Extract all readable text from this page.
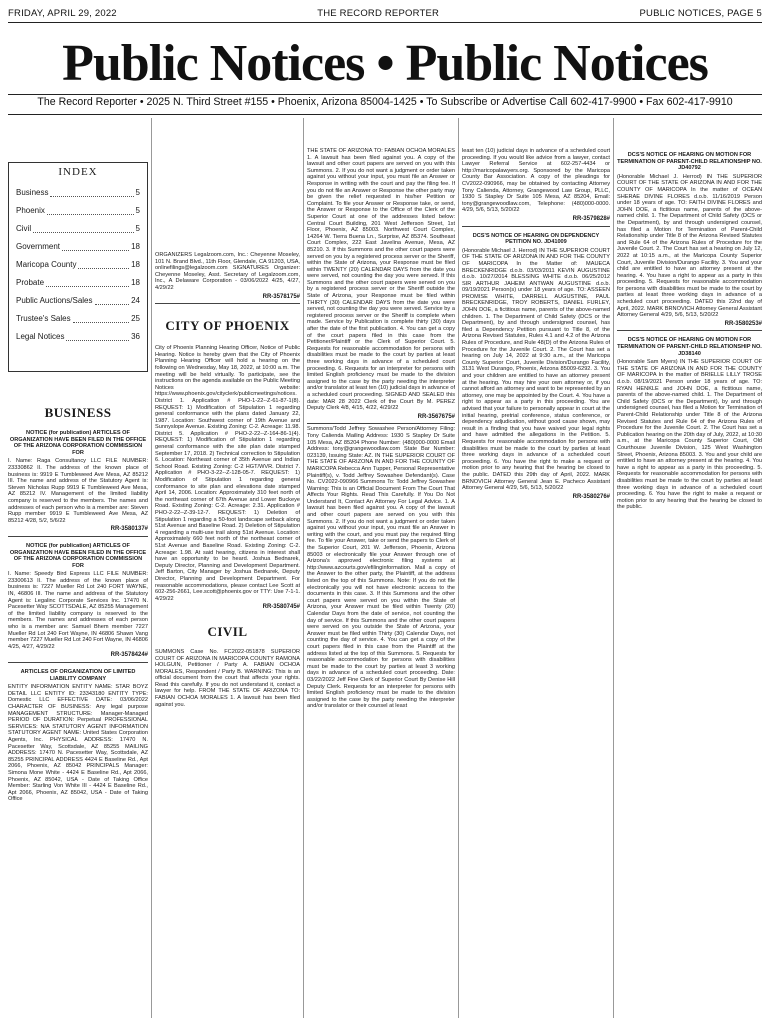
FRIDAY, APRIL 29, 2022	THE RECORD REPORTER	PUBLIC NOTICES, PAGE 5
Public Notices • Public Notices
The Record Reporter • 2025 N. Third Street #155 • Phoenix, Arizona 85004-1425 • To Subscribe or Advertise Call 602-417-9900 • Fax 602-417-9910
INDEX
Business	5
Phoenix	5
Civil	5
Government	18
Maricopa County	18
Probate	18
Public Auctions/Sales	24
Trustee's Sales	25
Legal Notices	36
BUSINESS
NOTICE (for publication) ARTICLES OF ORGANIZATION HAVE BEEN FILED IN THE OFFICE OF THE ARIZONA CORPORATION COMMISSION FOR

I. Name: Raga Consultancy LLC FILE NUMBER: 23330862 II. The address of the known place of business is: 9919 E Tumbleweed Ave Mesa, AZ 85212 III. The name and address of the Statutory Agent is: Steven Nicholas Rupp 9919 E Tumbleweed Ave Mesa, AZ 85212 IV. Management of the limited liability company is reserved to the members. The names and addresses of each person who is a member are: Steven Rupp member 9919 E Tumbleweed Ave Mesa, AZ 85212 4/28, 5/2, 5/6/22

RR-3580137#
NOTICE (for publication) ARTICLES OF ORGANIZATION HAVE BEEN FILED IN THE OFFICE OF THE ARIZONA CORPORATION COMMISSION FOR

I. Name: Speedy Bird Express LLC FILE NUMBER: 23300613 II. The address of the known place of business is: 7227 Mueller Rd Lot 240 FORT WAYNE, IN, 46806 III. The name and address of the Statutory Agent is: Legalinc Corporate Services Inc. 17470 N. Pacesetter Way SCOTTSDALE, AZ 85255 Management of the limited liability company is reserved to the members. The names and addresses of each person who is a member are: Samuel Bhem member 7227 Mueller Rd Lot 240 Fort Wayne, IN 46806 Shawn Vang member 7227 Mueller Rd Lot 240 Fort Wayne, IN 46806 4/25, 4/27, 4/29/22

RR-3578424#
ARTICLES OF ORGANIZATION OF LIMITED LIABILITY COMPANY

ENTITY INFORMATION ENTITY NAME: STAR BOYZ DETAIL LLC ENTITY ID: 23343180 ENTITY TYPE: Domestic LLC EFFECTIVE DATE: 03/06/2022 CHARACTER OF BUSINESS: Any legal purpose MANAGEMENT STRUCTURE: Manager-Managed PERIOD OF DURATION: Perpetual PROFESSIONAL SERVICES: N/A STATUTORY AGENT INFORMATION STATUTORY AGENT NAME: United States Corporation Agents, Inc. PHYSICAL ADDRESS: 17470 N. Pacesetter Way, Scottsdale, AZ 85255 MAILING ADDRESS: 17470 N. Pacesetter Way, Scottsdale, AZ 85255 PRINCIPAL ADDRESS 4424 E Baseline Rd., Apt 2066, Phoenix, AZ 85042 PRINCIPALS Manager: Simona Mone White - 4424 E Baseline Rd., Apt 2066, Phoenix, AZ 85042, USA - Date of Taking Office Member: Starling Von White III - 4424 E Baseline Rd., Apt 2066, Phoenix, AZ 85042, USA - Date of Taking Office

ORGANIZERS Legalzoom.com, Inc.: Cheyenne Moseley, 101 N. Brand Blvd., 11th Floor, Glendale, CA 91203, USA, onlinefilings@legalzoom.com SIGNATURES Organizer: Cheyenne Moseley, Asst. Secretary of Legalzoom.com, Inc., A Delaware Corporation - 03/06/2022 4/25, 4/27, 4/29/22

RR-3578175#
CITY OF PHOENIX

City of Phoenix Planning Hearing Officer, Notice of Public Hearing. Notice is hereby given that the City of Phoenix Planning Hearing Officer will hold a hearing on the following on Wednesday, May 18, 2022, at 10:00 a.m. The meeting will be held virtually. To participate, see the instructions on the agenda available on the Public Meeting Notices website: https://www.phoenix.gov/cityclerk/publicmeetings/notices. District 1. Application # PHO-1-22--Z-61-87-1(8). REQUEST: 1) Modification of Stipulation 1 regarding general conformance with the plans dated January 22, 1987. Location: Southwest corner of 19th Avenue and Sunnyslope Avenue. Existing Zoning: C-2. Acreage: 11.98. District 5. Application # PHO-2-22--Z-164-86-1(4). REQUEST: 1) Modification of Stipulation 1 regarding general conformance with the site plan date stamped September 17, 2018. 2) Technical correction to Stipulation 6. Location: Northeast corner of 35th Avenue and Indian School Road. Existing Zoning: C-2 HGT/WVR. District 7. Application # PHO-3-22--Z-128-05-7. REQUEST: 1) Modification of Stipulation 1 regarding general conformance to site plan and elevations date stamped April 14, 2006. Location: Approximately 310 feet north of the northeast corner of 67th Avenue and Lower Buckeye Road. Existing Zoning: C-2. Acreage: 2.31. Application # PHO-2-22--Z-39-12-7. REQUEST: 1) Deletion of Stipulation 1 regarding a 50-foot landscape setback along 51st Avenue and Baseline Road. 2) Deletion of Stipulation 4 regarding a multi-use trail along 51st Avenue. Location: Approximately 660 feet north of the northeast corner of 51st Avenue and Baseline Road. Existing Zoning: C-2. Acreage: 1.98. At said hearing, citizens in interest shall have an opportunity to be heard. Joshua Bednarek, Deputy Director, Planning and Development Department. Jeff Barton, City Manager by Joshua Bednarek, Deputy Director, Planning and Development Department. For reasonable accommodations, please contact Lee Scott at 602-256-2661, Lee.scott@phoenix.gov or TTY: Use 7-1-1. 4/29/22

RR-3580745#
CIVIL

SUMMONS Case No. FC2022-051878 SUPERIOR COURT OF ARIZONA IN MARICOPA COUNTY RAMONA HOLGUIN, Petitioner / Party A. FABIAN OCHOA MORALES, Respondent / Party B. WARNING: This is an official document from the court that affects your rights. Read this carefully. If you do not understand it, contact a lawyer for help. FROM THE STATE OF ARIZONA TO: FABIAN OCHOA MORALES 1. A lawsuit has been filed against you.

THE STATE OF ARIZONA TO: FABIAN OCHOA MORALES 1. A lawsuit has been filed against you. A copy of the lawsuit and other court papers are served on you with this Summons. 2. If you do not want a judgment or order taken against you without your input, you must file an Answer or Response in writing with the court and pay the filing fee. If you do not file an Answer or Response the other party may be given the relief requested in his/her Petition or Complaint. To file your Answer or Response take, or send, the Answer or Response to the Office of the Clerk of the Superior Court at one of the addresses listed below: Central Court Building, 201 West Jefferson Street, 1st Floor, Phoenix, AZ 85003. Northwest Court Complex, 14264 W. Tierra Buena Ln., Surprise, AZ 85374. Southeast Court Complex, 222 East Javelina Avenue, Mesa, AZ 85210. 3. If this Summons and the other court papers were served on you by a registered process server or the Sheriff, within the State of Arizona, your Response must be filed within TWENTY (20) CALENDAR DAYS from the date you were served, not counting the day you were served. If this Summons and the other court papers were served on you by a registered process server or the Sheriff outside the State of Arizona, your Response must be filed within THIRTY (30) CALENDAR DAYS from the date you were served, not counting the day you were served. Service by a registered process server or the Sheriff is complete when made. Service by Publication is complete thirty (30) days after the date of the first publication. 4. You can get a copy of the court papers filed in this case from the Petitioner/Plaintiff or the Clerk of Superior Court. 5. Requests for reasonable accommodation for persons with disabilities must be made to the court by parties at least three working days in advance of a scheduled court proceeding. 6. Requests for an interpreter for persons with limited English proficiency must be made to the division assigned to the case by the party needing the interpreter and/or translator at least ten (10) judicial days in advance of a scheduled court proceeding. SIGNED AND SEALED this date: MAR 28 2022 Clerk of the Court By M. PEREZ Deputy Clerk 4/8, 4/15, 4/22, 4/29/22

RR-3567675#

Summons/Todd Jeffrey Sowashee Person/Attorney Filing: Tony Calienda Mailing Address: 1930 S Stapley Dr Suite 105 Mesa, AZ 85204 Phone Number: (480)000-0000 Email Address: tony@grangewoodlaw.com State Bar Number: 023139, Issuing State: AZ. IN THE SUPERIOR COURT OF THE STATE OF ARIZONA IN AND FOR THE COUNTY OF MARICOPA Rebecca Ann Tupper, Personal Representative Plaintiff(s), v. Todd Jeffrey Sowashee Defendant(s). Case No. CV2022-090966 Summons To: Todd Jeffrey Sowashee Warning: This is an Official Document From The Court That Affects Your Rights. Read This Carefully. If You Do Not Understand It, Contact An Attorney For Legal Advice. 1. A lawsuit has been filed against you. A copy of the lawsuit and other court papers are served on you with this Summons. 2. If you do not want a judgment or order taken against you without your input, you must file an Answer in writing with the court, and you must pay the required filing fee. To file your Answer, take or send the papers to Clerk of the Superior Court, 201 W. Jefferson, Phoenix, Arizona 85003 or electronically file your Answer through one of Arizona's approved electronic filing systems at http://www.azcourts.gov/efilinginformation. Mail a copy of the Answer to the other party, the Plaintiff, at the address listed on the top of this Summons. Note: If you do not file electronically you will not have electronic access to the documents in this case. 3. If this Summons and the other court papers were served on you within the State of Arizona, your Answer must be filed within Twenty (20) Calendar Days from the date of service, not counting the day of service. If this Summons and the other court papers were served on you outside the State of Arizona, your Answer must be filed within Thirty (30) Calendar Days, not counting the day of service. 4. You can get a copy of the court papers filed in this case from the Plaintiff at the address listed at the top of this Summons. 5. Requests for reasonable accommodation for persons with disabilities must be made to the court by parties at least 3 working days in advance of a scheduled court proceeding. Date: 03/22/2022 Jeff Fine Clerk of Superior Court By Denise Hill Deputy Clerk. Requests for an interpreter for persons with limited English proficiency must be made to the division assigned to the case by the party needing the interpreter and/or translator or their counsel at least

least ten (10) judicial days in advance of a scheduled court proceeding. If you would like advice from a lawyer, contact Lawyer Referral Service at 602-257-4434 or http://maricopalawyers.org. Sponsored by the Maricopa County Bar Association. A copy of the pleadings for CV2022-090966, may be obtained by contacting Attorney Tony Calienda, Attorney, Grangewood Law Group, PLLC, 1930 S Stapley Dr Suite 105 Mesa, AZ 85204, Email: tony@grangewoodlaw.com, Telephone: (480)000-0000. 4/29, 5/6, 5/13, 5/20/22

RR-3579828#
DCS'S NOTICE OF HEARING ON DEPENDENCY PETITION NO. JD41009

(Honorable Michael J. Herrod) IN THE SUPERIOR COURT OF THE STATE OF ARIZONA IN AND FOR THE COUNTY OF MARICOPA In the Matter of: MAUECA BRECKENRIDGE d.o.b. 03/03/2011 KEVIN AUGUSTINE d.o.b. 10/27/2014 BLESSING WHITE d.o.b. 06/25/2012 SIR ARTHUR JAHEIM ANTWAN AUGUSTINE d.o.b. 09/19/2021 Person(s) under 18 years of age. TO: ASSEEN PROMISE WHITE, DARRELL AUGUSTINE, PAUL BRECKENRIDGE, TROY ROBERTS, DANIEL FURLEY, JOHN DOE, a fictitious name, parents of the above-named children. 1. The Department of Child Safety (DCS or the Department), by and through undersigned counsel, has filed a Dependency Petition pursuant to Title 8, of the Arizona Revised Statutes, Rules 4.1 and 4.2 of the Arizona Rules of Procedure, and Rule 48(D) of the Arizona Rules of Procedure for the Juvenile Court. 2. The Court has set a hearing on July 14, 2022 at 9:30 a.m., at the Maricopa County Superior Court, Juvenile Division/Durango Facility, 3131 West Durango, Phoenix, Arizona 85009-6292. 3. You and your children are entitled to have an attorney present at the hearing. You may hire your own attorney or, if you cannot afford an attorney and want to be represented by an attorney, one may be appointed by the Court. 4. You have a right to appear as a party in this proceeding. You are advised that your failure to personally appear in court at the initial hearing, pretrial conference, status conference, or dependency adjudication, without good cause shown, may result in a finding that you have waived your legal rights and have admitted the allegations in the Petition. 5. Requests for reasonable accommodation for persons with disabilities must be made to the court by parties at least three working days in advance of a scheduled court proceeding. 6. You have the right to make a request or motion prior to any hearing that the hearing be closed to the public. DATED this 29th day of April, 2022. MARK BRNOVICH Attorney General Jean E. Pacheco Assistant Attorney General 4/29, 5/6, 5/13, 5/20/22

RR-3580276#
DCS'S NOTICE OF HEARING ON MOTION FOR TERMINATION OF PARENT-CHILD RELATIONSHIP NO. JD40792

(Honorable Michael J. Herrod) IN THE SUPERIOR COURT OF THE STATE OF ARIZONA IN AND FOR THE COUNTY OF MARICOPA In the matter of OCEAN SHERAE DIVINE FLORES d.o.b. 11/16/2019 Person under 18 years of age. TO: FAITH DIVINE FLORES and JOHN DOE, a fictitious name, parents of the above-named child. 1. The Department of Child Safety (DCS or the Department), by and through undersigned counsel, has filed a Motion for Termination of Parent-Child Relationship under Title 8 of the Arizona Revised Statutes and Rule 64 of the Arizona Rules of Procedure for the Juvenile Court. 2. The Court has set a hearing on July 12, 2022 at 10:15 a.m., at the Maricopa County Superior Court, Juvenile Division/Durango Facility. 3. You and your child are entitled to have an attorney present at the hearing. 4. You have a right to appear as a party in this proceeding. 5. Requests for reasonable accommodation for persons with disabilities must be made to the court by parties at least three working days in advance of a scheduled court proceeding. DATED this 22nd day of April, 2022. MARK BRNOVICH Attorney General Assistant Attorney General 4/29, 5/6, 5/13, 5/20/22

RR-3580253#
DCS'S NOTICE OF HEARING ON MOTION FOR TERMINATION OF PARENT-CHILD RELATIONSHIP NO. JD38140

(Honorable Sam Myers) IN THE SUPERIOR COURT OF THE STATE OF ARIZONA IN AND FOR THE COUNTY OF MARICOPA In the matter of BRIELLE LILLY TROSE d.o.b. 08/19/2021 Person under 18 years of age. TO: RYAN HENKLE and JOHN DOE, a fictitious name, parents of the above-named child. 1. The Department of Child Safety (DCS or the Department), by and through undersigned counsel, has filed a Motion for Termination of Parent-Child Relationship under Title 8 of the Arizona Revised Statutes and Rule 64 of the Arizona Rules of Procedure for the Juvenile Court. 2. The Court has set a Publication hearing on the 20th day of July, 2022, at 10:30 a.m., at the Maricopa County Superior Court, Old Courthouse Juvenile Division, 125 West Washington Street, Phoenix, Arizona 85003. 3. You and your child are entitled to have an attorney present at the hearing. 4. You have a right to appear as a party in this proceeding. 5. Requests for reasonable accommodation for persons with disabilities must be made to the court by parties at least three working days in advance of a scheduled court proceeding. 6. You have the right to make a request or motion prior to any hearing that the hearing be closed to the public.
